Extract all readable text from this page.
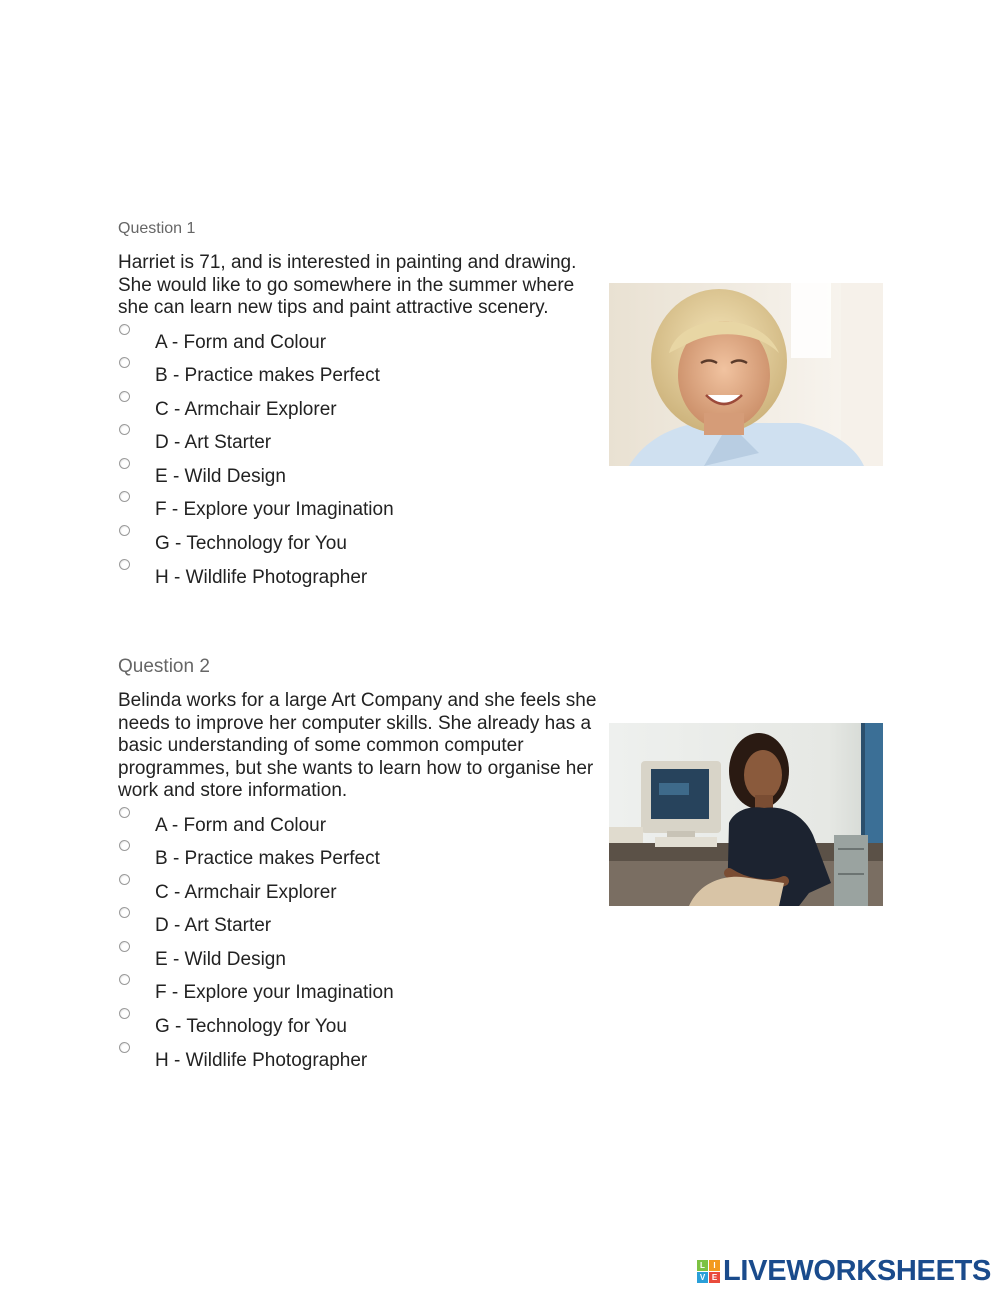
Question 1

Harriet is 71, and is interested in painting and drawing. She would like to go somewhere in the summer where she can learn new tips and paint attractive scenery.

A - Form and Colour
B - Practice makes Perfect
C - Armchair Explorer
D - Art Starter
E - Wild Design
F - Explore your Imagination
G - Technology for You
H - Wildlife Photographer
Question 2

Belinda works for a large Art Company and she feels she needs to improve her computer skills. She already has a basic understanding of some common computer programmes, but she wants to learn how to organise her work and store information.

A - Form and Colour
B - Practice makes Perfect
C - Armchair Explorer
D - Art Starter
E - Wild Design
F - Explore your Imagination
G - Technology for You
H - Wildlife Photographer
L	I
V E LIVEWORKSHEETS
